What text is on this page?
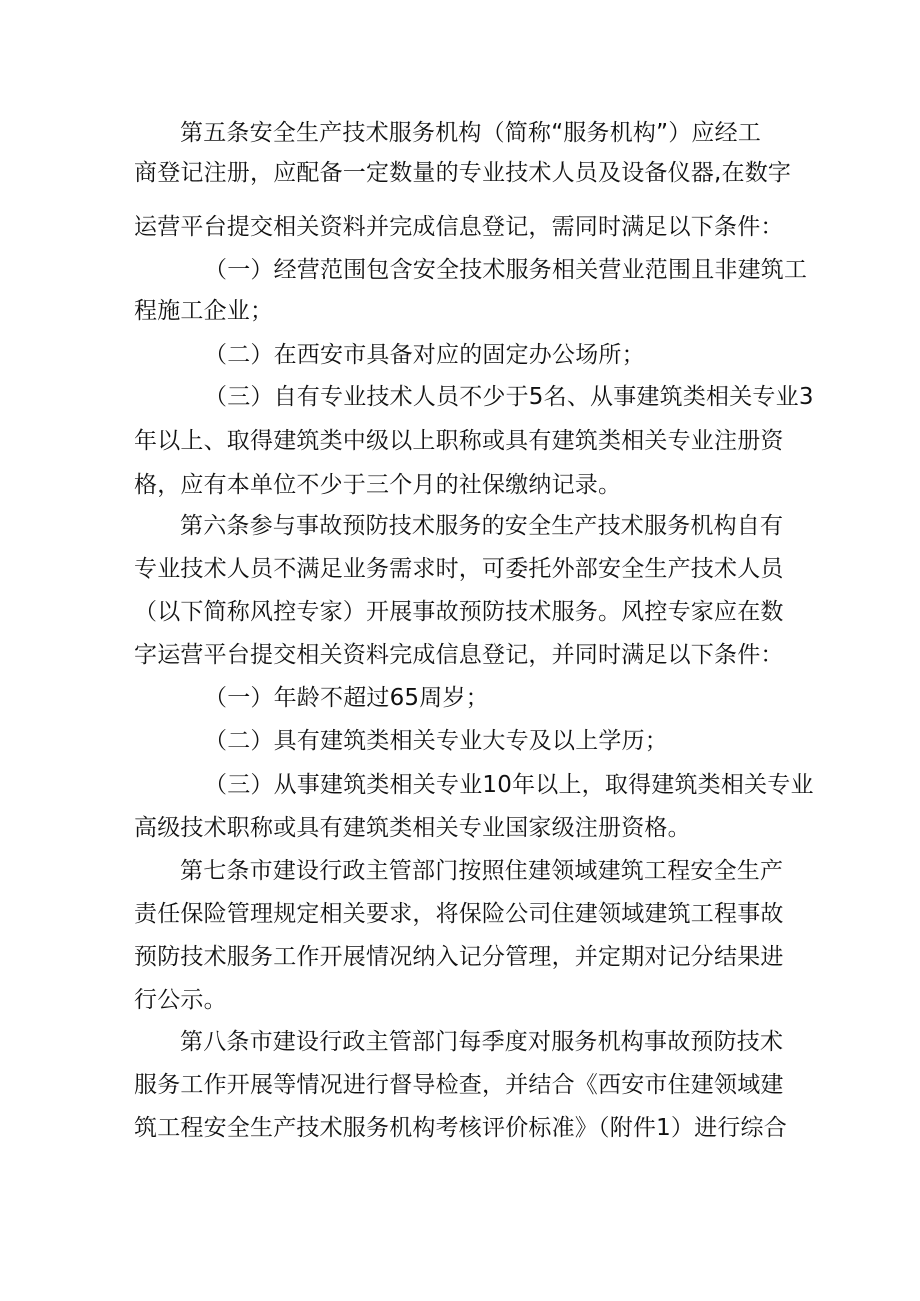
第五条安全生产技术服务机构（简称“服务机构”）应经工
商登记注册，应配备一定数量的专业技术人员及设备仪器,在数字
运营平台提交相关资料并完成信息登记，需同时满足以下条件：
（一）经营范围包含安全技术服务相关营业范围且非建筑工
程施工企业；
（二）在西安市具备对应的固定办公场所；
（三）自有专业技术人员不少于5名、从事建筑类相关专业3
年以上、取得建筑类中级以上职称或具有建筑类相关专业注册资
格，应有本单位不少于三个月的社保缴纳记录。
第六条参与事故预防技术服务的安全生产技术服务机构自有
专业技术人员不满足业务需求时，可委托外部安全生产技术人员
（以下简称风控专家）开展事故预防技术服务。风控专家应在数
字运营平台提交相关资料完成信息登记，并同时满足以下条件：
（一）年龄不超过65周岁；
（二）具有建筑类相关专业大专及以上学历；
（三）从事建筑类相关专业10年以上，取得建筑类相关专业
高级技术职称或具有建筑类相关专业国家级注册资格。
第七条市建设行政主管部门按照住建领域建筑工程安全生产
责任保险管理规定相关要求，将保险公司住建领域建筑工程事故
预防技术服务工作开展情况纳入记分管理，并定期对记分结果进
行公示。
第八条市建设行政主管部门每季度对服务机构事故预防技术
服务工作开展等情况进行督导检查，并结合《西安市住建领域建
筑工程安全生产技术服务机构考核评价标准》（附件1）进行综合
